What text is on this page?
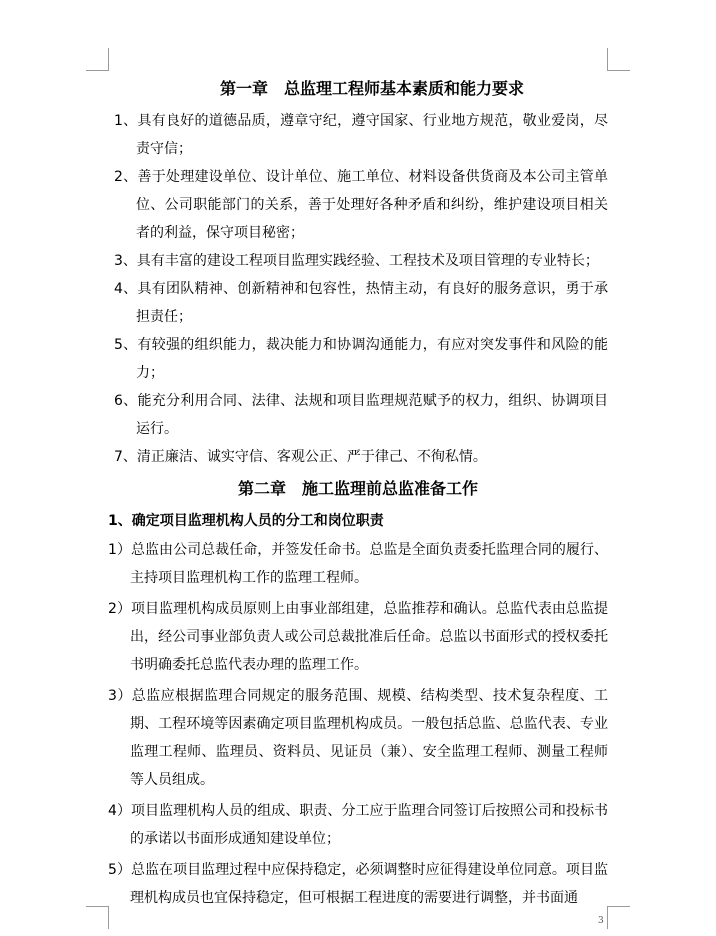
第一章 总监理工程师基本素质和能力要求

1、具有良好的道德品质，遵章守纪，遵守国家、行业地方规范，敬业爱岗，尽责守信；

2、善于处理建设单位、设计单位、施工单位、材料设备供货商及本公司主管单位、公司职能部门的关系，善于处理好各种矛盾和纠纷，维护建设项目相关者的利益，保守项目秘密；

3、具有丰富的建设工程项目监理实践经验、工程技术及项目管理的专业特长；

4、具有团队精神、创新精神和包容性，热情主动，有良好的服务意识，勇于承担责任；

5、有较强的组织能力，裁决能力和协调沟通能力，有应对突发事件和风险的能力；

6、能充分利用合同、法律、法规和项目监理规范赋予的权力，组织、协调项目运行。

7、清正廉洁、诚实守信、客观公正、严于律己、不徇私情。

第二章 施工监理前总监准备工作
1、确定项目监理机构人员的分工和岗位职责

1）总监由公司总裁任命，并签发任命书。总监是全面负责委托监理合同的履行、主持项目监理机构工作的监理工程师。

2）项目监理机构成员原则上由事业部组建，总监推荐和确认。总监代表由总监提出，经公司事业部负责人或公司总裁批准后任命。总监以书面形式的授权委托书明确委托总监代表办理的监理工作。

3）总监应根据监理合同规定的服务范围、规模、结构类型、技术复杂程度、工期、工程环境等因素确定项目监理机构成员。一般包括总监、总监代表、专业监理工程师、监理员、资料员、见证员（兼）、安全监理工程师、测量工程师等人员组成。

4）项目监理机构人员的组成、职责、分工应于监理合同签订后按照公司和投标书的承诺以书面形成通知建设单位；

5）总监在项目监理过程中应保持稳定，必须调整时应征得建设单位同意。项目监理机构成员也宜保持稳定，但可根据工程进度的需要进行调整，并书面通

3
